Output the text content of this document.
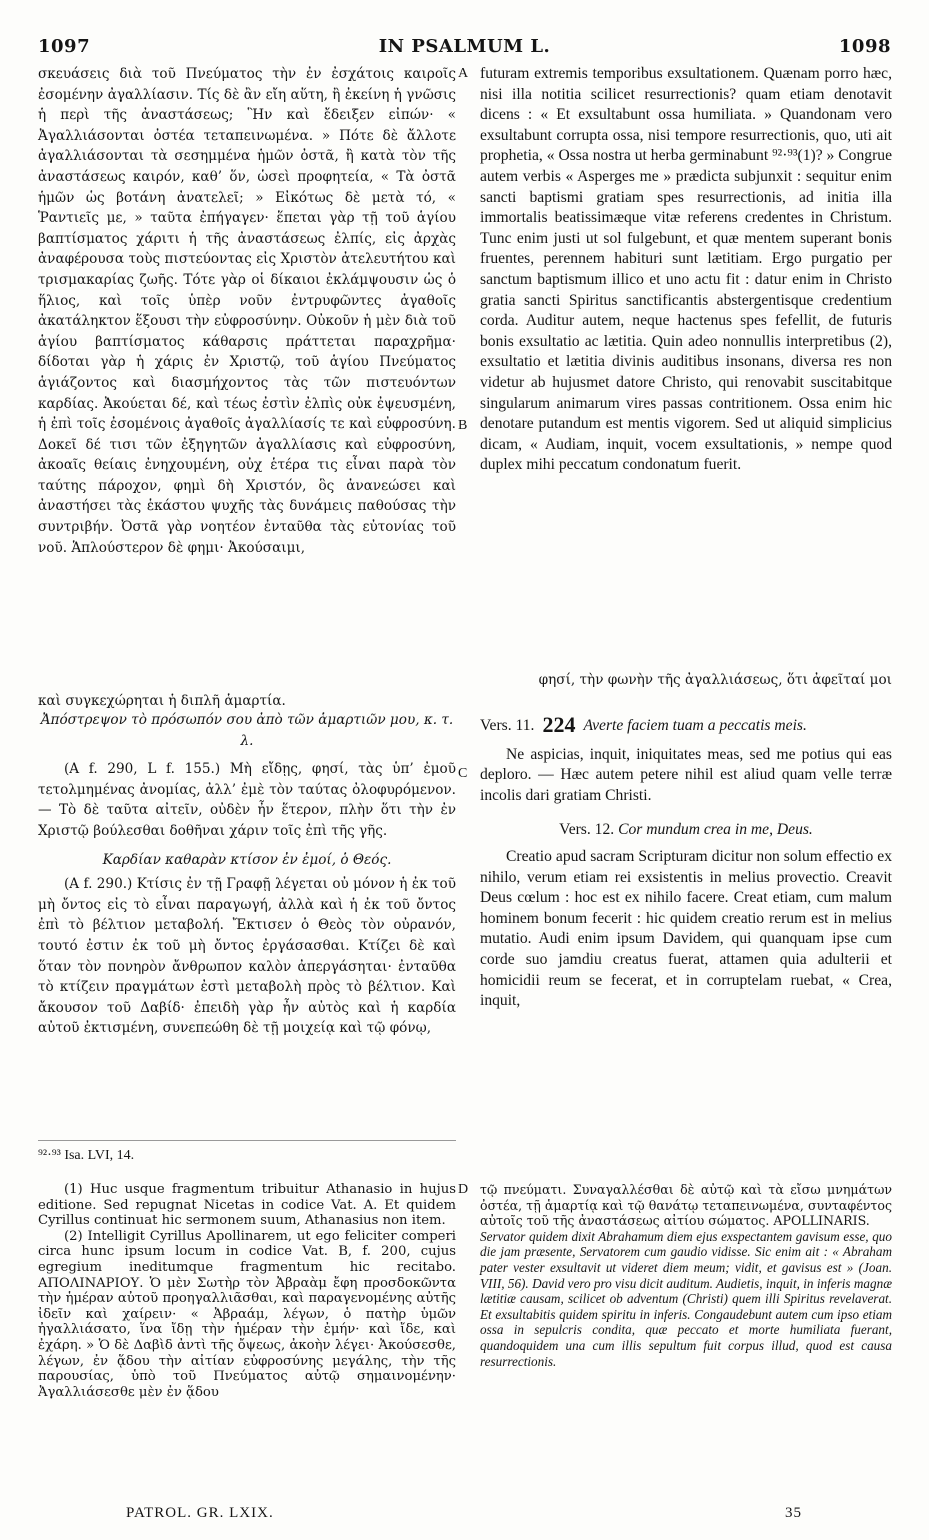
1097	IN PSALMUM L.	1098
A
B
C
D

σκευάσεις διὰ τοῦ Πνεύματος τὴν ἐν ἐσχάτοις καιροῖς ἐσομένην ἀγαλλίασιν. Τίς δὲ ἂν εἴη αὕτη, ἢ ἐκείνη ἡ γνῶσις ἡ περὶ τῆς ἀναστάσεως; Ἣν καὶ ἔδειξεν εἰπών· « Ἀγαλλιάσονται ὀστέα τεταπεινωμένα. » Πότε δὲ ἄλλοτε ἀγαλλιάσονται τὰ σεσημμένα ἡμῶν ὀστᾶ, ἢ κατὰ τὸν τῆς ἀναστάσεως καιρόν, καθ’ ὅν, ὡσεὶ προφητεία, « Τὰ ὀστᾶ ἡμῶν ὡς βοτάνη ἀνατελεῖ; » Εἰκότως δὲ μετὰ τό, « Ῥαντιεῖς με, » ταῦτα ἐπήγαγεν· ἕπεται γὰρ τῇ τοῦ ἁγίου βαπτίσματος χάριτι ἡ τῆς ἀναστάσεως ἐλπίς, εἰς ἀρχὰς ἀναφέρουσα τοὺς πιστεύοντας εἰς Χριστὸν ἀτελευτήτου καὶ τρισμακαρίας ζωῆς. Τότε γὰρ οἱ δίκαιοι ἐκλάμψουσιν ὡς ὁ ἥλιος, καὶ τοῖς ὑπὲρ νοῦν ἐντρυφῶντες ἀγαθοῖς ἀκατάληκτον ἕξουσι τὴν εὐφροσύνην. Οὐκοῦν ἡ μὲν διὰ τοῦ ἁγίου βαπτίσματος κάθαρσις πράττεται παραχρῆμα· δίδοται γὰρ ἡ χάρις ἐν Χριστῷ, τοῦ ἁγίου Πνεύματος ἁγιάζοντος καὶ διασμήχοντος τὰς τῶν πιστευόντων καρδίας. Ἀκούεται δέ, καὶ τέως ἐστὶν ἐλπὶς οὐκ ἐψευσμένη, ἡ ἐπὶ τοῖς ἐσομένοις ἀγαθοῖς ἀγαλλίασίς τε καὶ εὐφροσύνη. Δοκεῖ δέ τισι τῶν ἐξηγητῶν ἀγαλλίασις καὶ εὐφροσύνη, ἀκοαῖς θείαις ἐνηχουμένη, οὐχ ἑτέρα τις εἶναι παρὰ τὸν ταύτης πάροχον, φημὶ δὴ Χριστόν, ὃς ἀνανεώσει καὶ ἀναστήσει τὰς ἑκάστου ψυχῆς τὰς δυνάμεις παθούσας τὴν συντριβήν. Ὀστᾶ γὰρ νοητέον ἐνταῦθα τὰς εὐτονίας τοῦ νοῦ. Ἁπλούστερον δὲ φημι· Ἀκούσαιμι,

Ἀπόστρεψον τὸ πρόσωπόν σου ἀπὸ τῶν ἁμαρτιῶν μου, κ. τ. λ.

(A f. 290, L f. 155.) Μὴ εἴδῃς, φησί, τὰς ὑπ’ ἐμοῦ τετολμημένας ἀνομίας, ἀλλ’ ἐμὲ τὸν ταύτας ὀλοφυρόμενον. — Τὸ δὲ ταῦτα αἰτεῖν, οὐδὲν ἦν ἕτερον, πλὴν ὅτι τὴν ἐν Χριστῷ βούλεσθαι δοθῆναι χάριν τοῖς ἐπὶ τῆς γῆς.

Καρδίαν καθαρὰν κτίσον ἐν ἐμοί, ὁ Θεός.

(A f. 290.) Κτίσις ἐν τῇ Γραφῇ λέγεται οὐ μόνον ἡ ἐκ τοῦ μὴ ὄντος εἰς τὸ εἶναι παραγωγή, ἀλλὰ καὶ ἡ ἐκ τοῦ ὄντος ἐπὶ τὸ βέλτιον μεταβολή. Ἔκτισεν ὁ Θεὸς τὸν οὐρανόν, τουτό ἐστιν ἐκ τοῦ μὴ ὄντος ἐργάσασθαι. Κτίζει δὲ καὶ ὅταν τὸν πονηρὸν ἄνθρωπον καλὸν ἀπεργάσηται· ἐνταῦθα τὸ κτίζειν πραγμάτων ἐστὶ μεταβολὴ πρὸς τὸ βέλτιον. Καὶ ἄκουσον τοῦ Δαβίδ· ἐπειδὴ γὰρ ἦν αὐτὸς καὶ ἡ καρδία αὐτοῦ ἐκτισμένη, συνεπεώθη δὲ τῇ μοιχείᾳ καὶ τῷ φόνῳ,

⁹²·⁹³ Isa. LVI, 14.

(1) Huc usque fragmentum tribuitur Athanasio in hujus editione. Sed repugnat Nicetas in codice Vat. A. Et quidem Cyrillus continuat hic sermonem suum, Athanasius non item.

(2) Intelligit Cyrillus Apollinarem, ut ego feliciter comperi circa hunc ipsum locum in codice Vat. B, f. 200, cujus egregium ineditumque fragmentum hic recitabo. ΑΠΟΛΙΝΑΡΙΟΥ. Ὁ μὲν Σωτὴρ τὸν Ἀβραὰμ ἔφη προσδοκῶντα τὴν ἡμέραν αὐτοῦ προηγαλλιᾶσθαι, καὶ παραγενομένης αὐτῆς ἰδεῖν καὶ χαίρειν· « Ἀβραάμ, λέγων, ὁ πατὴρ ὑμῶν ἠγαλλιάσατο, ἵνα ἴδῃ τὴν ἡμέραν τὴν ἐμήν· καὶ ἴδε, καὶ ἐχάρη. » Ὁ δὲ Δαβὶδ ἀντὶ τῆς ὄψεως, ἀκοὴν λέγει· Ἀκούσεσθε, λέγων, ἐν ᾅδου τὴν αἰτίαν εὐφροσύνης μεγάλης, τὴν τῆς παρουσίας, ὑπὸ τοῦ Πνεύματος αὐτῷ σημαινομένην· Ἀγαλλιάσεσθε μὲν ἐν ᾅδου

futuram extremis temporibus exsultationem. Quænam porro hæc, nisi illa notitia scilicet resurrectionis? quam etiam denotavit dicens : « Et exsultabunt ossa humiliata. » Quandonam vero exsultabunt corrupta ossa, nisi tempore resurrectionis, quo, uti ait prophetia, « Ossa nostra ut herba germinabunt ⁹²·⁹³(1)? » Congrue autem verbis « Asperges me » prædicta subjunxit : sequitur enim sancti baptismi gratiam spes resurrectionis, ad initia illa immortalis beatissimæque vitæ referens credentes in Christum. Tunc enim justi ut sol fulgebunt, et quæ mentem superant bonis fruentes, perennem habituri sunt lætitiam. Ergo purgatio per sanctum baptismum illico et uno actu fit : datur enim in Christo gratia sancti Spiritus sanctificantis abstergentisque credentium corda. Auditur autem, neque hactenus spes fefellit, de futuris bonis exsultatio ac lætitia. Quin adeo nonnullis interpretibus (2), exsultatio et lætitia divinis auditibus insonans, diversa res non videtur ab hujusmet datore Christo, qui renovabit suscitabitque singularum animarum vires passas contritionem. Ossa enim hic denotare putandum est mentis vigorem. Sed ut aliquid simplicius dicam, « Audiam, inquit, vocem exsultationis, » nempe quod duplex mihi peccatum condonatum fuerit.

φησί, τὴν φωνὴν τῆς ἀγαλλιάσεως, ὅτι ἀφεῖταί μοι

καὶ συγκεχώρηται ἡ διπλῆ ἁμαρτία.

Vers. 11. 224 Averte faciem tuam a peccatis meis.

Ne aspicias, inquit, iniquitates meas, sed me potius qui eas deploro. — Hæc autem petere nihil est aliud quam velle terræ incolis dari gratiam Christi.

Vers. 12. Cor mundum crea in me, Deus.

Creatio apud sacram Scripturam dicitur non solum effectio ex nihilo, verum etiam rei exsistentis in melius provectio. Creavit Deus cœlum : hoc est ex nihilo facere. Creat etiam, cum malum hominem bonum fecerit : hic quidem creatio rerum est in melius mutatio. Audi enim ipsum Davidem, qui quanquam ipse cum corde suo jamdiu creatus fuerat, attamen quia adulterii et homicidii reum se fecerat, et in corruptelam ruebat, « Crea, inquit,

τῷ πνεύματι. Συναγαλλέσθαι δὲ αὐτῷ καὶ τὰ εἴσω μνημάτων ὀστέα, τῇ ἁμαρτίᾳ καὶ τῷ θανάτῳ τεταπεινωμένα, συνταφέντος αὐτοῖς τοῦ τῆς ἀναστάσεως αἰτίου σώματος. APOLLINARIS.

Servator quidem dixit Abrahamum diem ejus exspectantem gavisum esse, quo die jam præsente, Servatorem cum gaudio vidisse. Sic enim ait : « Abraham pater vester exsultavit ut videret diem meum; vidit, et gavisus est » (Joan. VIII, 56). David vero pro visu dicit auditum. Audietis, inquit, in inferis magnæ lætitiæ causam, scilicet ob adventum (Christi) quem illi Spiritus revelaverat. Et exsultabitis quidem spiritu in inferis. Congaudebunt autem cum ipso etiam ossa in sepulcris condita, quæ peccato et morte humiliata fuerant, quandoquidem una cum illis sepultum fuit corpus illud, quod est causa resurrectionis.

PATROL. GR. LXIX.	35
